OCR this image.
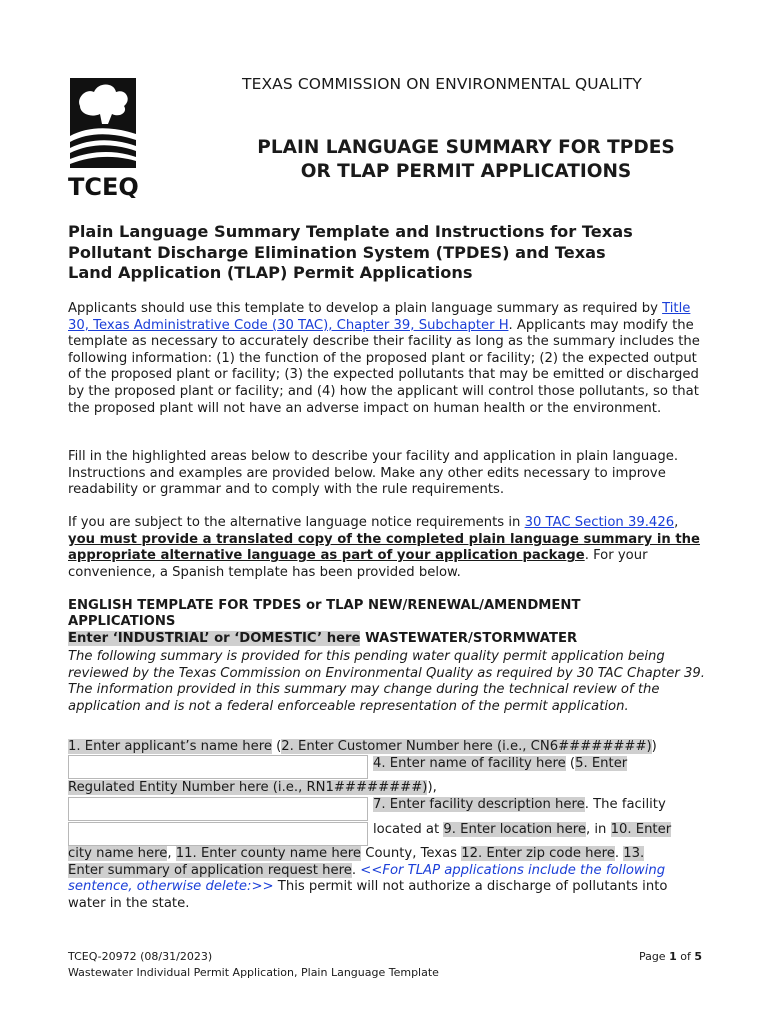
TCEQ
TEXAS COMMISSION ON ENVIRONMENTAL QUALITY
PLAIN LANGUAGE SUMMARY FOR TPDES
OR TLAP PERMIT APPLICATIONS
Plain Language Summary Template and Instructions for Texas
Pollutant Discharge Elimination System (TPDES) and Texas
Land Application (TLAP) Permit Applications
Applicants should use this template to develop a plain language summary as required by Title 30, Texas Administrative Code (30 TAC), Chapter 39, Subchapter H. Applicants may modify the template as necessary to accurately describe their facility as long as the summary includes the following information: (1) the function of the proposed plant or facility; (2) the expected output of the proposed plant or facility; (3) the expected pollutants that may be emitted or discharged by the proposed plant or facility; and (4) how the applicant will control those pollutants, so that the proposed plant will not have an adverse impact on human health or the environment.
Fill in the highlighted areas below to describe your facility and application in plain language. Instructions and examples are provided below. Make any other edits necessary to improve readability or grammar and to comply with the rule requirements.
If you are subject to the alternative language notice requirements in 30 TAC Section 39.426, you must provide a translated copy of the completed plain language summary in the appropriate alternative language as part of your application package. For your convenience, a Spanish template has been provided below.
ENGLISH TEMPLATE FOR TPDES or TLAP NEW/RENEWAL/AMENDMENT
APPLICATIONS
Enter ‘INDUSTRIAL’ or ‘DOMESTIC’ here WASTEWATER/STORMWATER
The following summary is provided for this pending water quality permit application being reviewed by the Texas Commission on Environmental Quality as required by 30 TAC Chapter 39. The information provided in this summary may change during the technical review of the application and is not a federal enforceable representation of the permit application.
1. Enter applicant’s name here (2. Enter Customer Number here (i.e., CN6########))
4. Enter name of facility here (5. Enter
Regulated Entity Number here (i.e., RN1########)),
7. Enter facility description here. The facility
located at 9. Enter location here, in 10. Enter
city name here, 11. Enter county name here County, Texas 12. Enter zip code here. 13.
Enter summary of application request here. <<For TLAP applications include the following
sentence, otherwise delete:>> This permit will not authorize a discharge of pollutants into
water in the state.
TCEQ-20972 (08/31/2023)
Wastewater Individual Permit Application, Plain Language Template
Page 1 of 5
